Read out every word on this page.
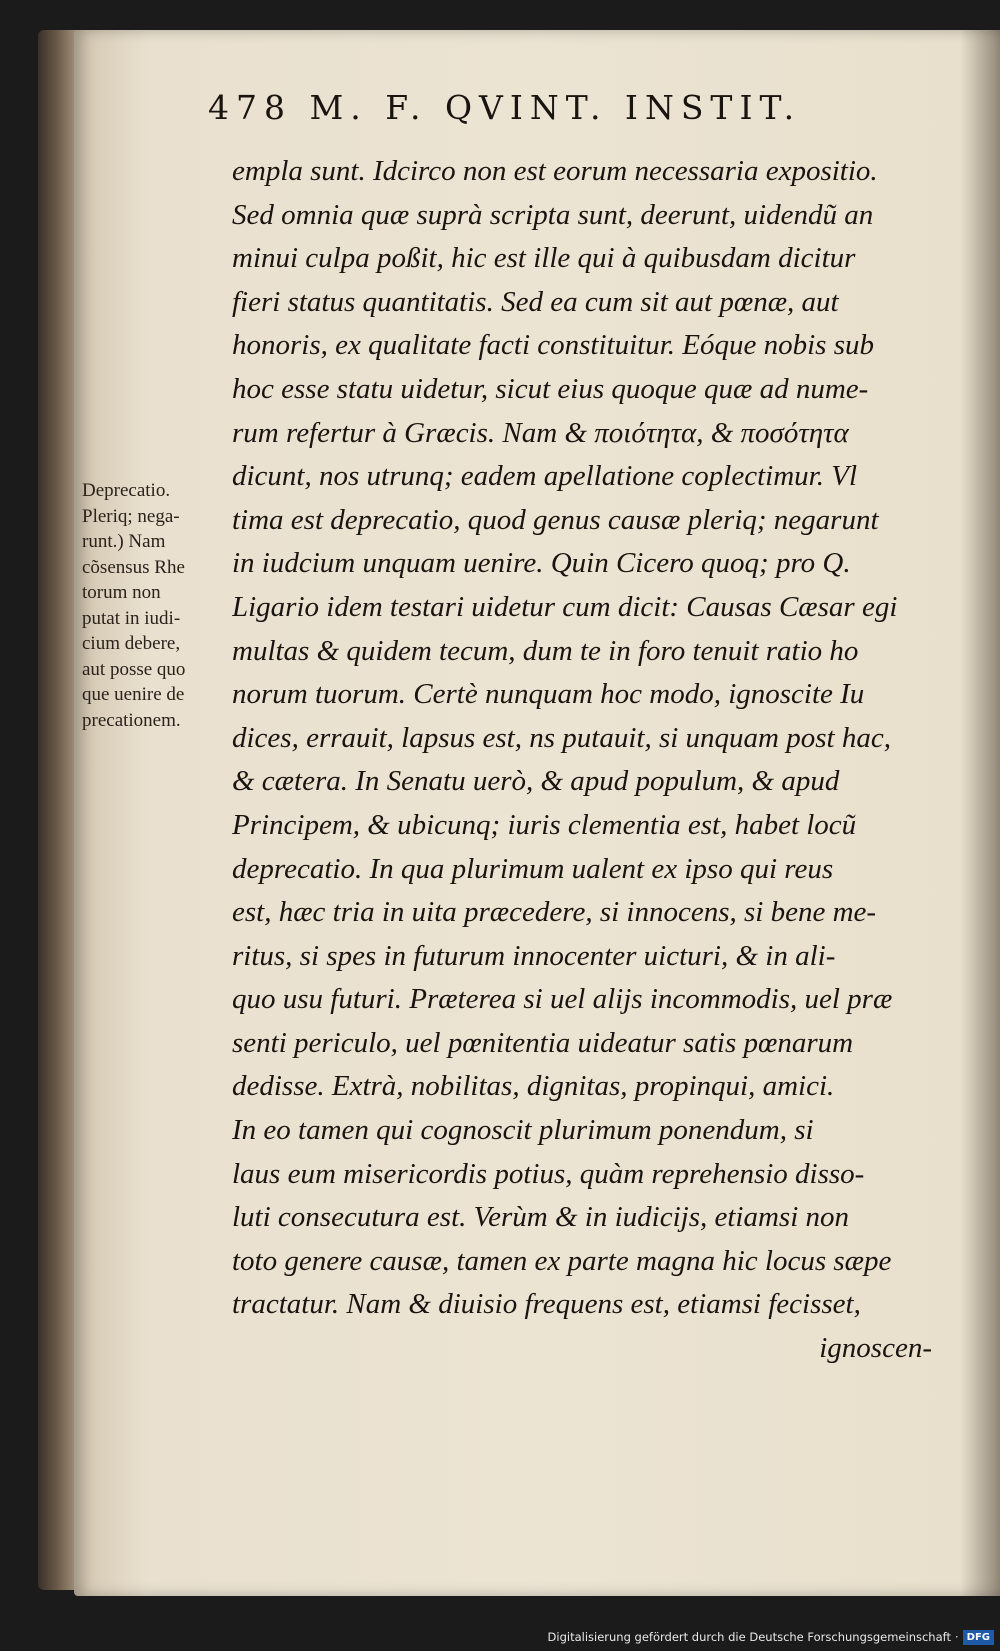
478 M. F. QVINT. INSTIT.
Deprecatio.
Pleriq; nega-
runt.) Nam
cõsensus Rhe
torum non
putat in iudi-
cium debere,
aut posse quo
que uenire de
precationem.
empla sunt. Idcirco non est eorum necessaria expositio.
Sed omnia quæ suprà scripta sunt, deerunt, uidendũ an
minui culpa poßit, hic est ille qui à quibusdam dicitur
fieri status quantitatis. Sed ea cum sit aut pœnæ, aut
honoris, ex qualitate facti constituitur. Eóque nobis sub
hoc esse statu uidetur, sicut eius quoque quæ ad nume-
rum refertur à Græcis. Nam & ποιότητα, & ποσότητα
dicunt, nos utrunq; eadem apellatione coplectimur. Vl
tima est deprecatio, quod genus causæ pleriq; negarunt
in iudcium unquam uenire. Quin Cicero quoq; pro Q.
Ligario idem testari uidetur cum dicit: Causas Cæsar egi
multas & quidem tecum, dum te in foro tenuit ratio ho
norum tuorum. Certè nunquam hoc modo, ignoscite Iu
dices, errauit, lapsus est, ns putauit, si unquam post hac,
& cætera. In Senatu uerò, & apud populum, & apud
Principem, & ubicunq; iuris clementia est, habet locũ
deprecatio. In qua plurimum ualent ex ipso qui reus
est, hæc tria in uita præcedere, si innocens, si bene me-
ritus, si spes in futurum innocenter uicturi, & in ali-
quo usu futuri. Præterea si uel alijs incommodis, uel præ
senti periculo, uel pœnitentia uideatur satis pœnarum
dedisse. Extrà, nobilitas, dignitas, propinqui, amici.
In eo tamen qui cognoscit plurimum ponendum, si
laus eum misericordis potius, quàm reprehensio disso-
luti consecutura est. Verùm & in iudicijs, etiamsi non
toto genere causæ, tamen ex parte magna hic locus sæpe
tractatur. Nam & diuisio frequens est, etiamsi fecisset,
ignoscen-
Digitalisierung gefördert durch die Deutsche Forschungsgemeinschaft · DFG
